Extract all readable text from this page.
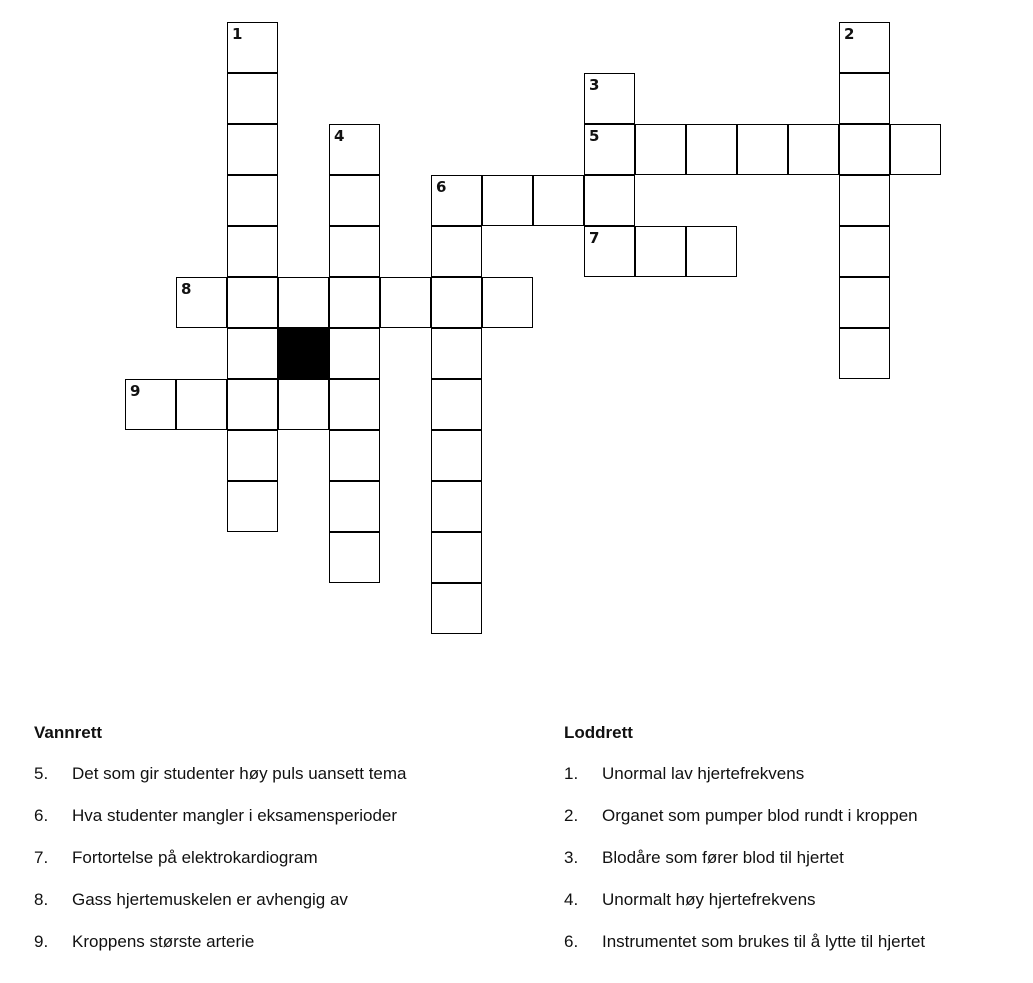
1	2
3
4	5
6
7
8
9
Vannrett
5.	Det som gir studenter høy puls uansett tema
6.	Hva studenter mangler i eksamensperioder
7.	Fortortelse på elektrokardiogram
8.	Gass hjertemuskelen er avhengig av
9.	Kroppens største arterie
Loddrett
1.	Unormal lav hjertefrekvens
2.	Organet som pumper blod rundt i kroppen
3.	Blodåre som fører blod til hjertet
4.	Unormalt høy hjertefrekvens
6.	Instrumentet som brukes til å lytte til hjertet
